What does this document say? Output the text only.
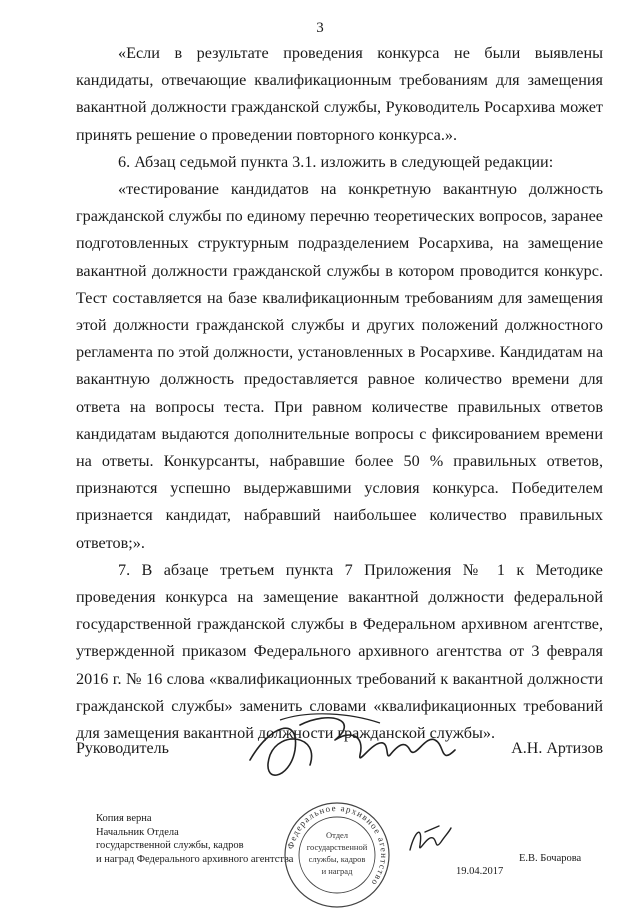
3

«Если в результате проведения конкурса не были выявлены кандидаты, отвечающие квалификационным требованиям для замещения вакантной должности гражданской службы, Руководитель Росархива может принять решение о проведении повторного конкурса.».

6. Абзац седьмой пункта 3.1. изложить в следующей редакции:

«тестирование кандидатов на конкретную вакантную должность гражданской службы по единому перечню теоретических вопросов, заранее подготовленных структурным подразделением Росархива, на замещение вакантной должности гражданской службы в котором проводится конкурс. Тест составляется на базе квалификационным требованиям для замещения этой должности гражданской службы и других положений должностного регламента по этой должности, установленных в Росархиве. Кандидатам на вакантную должность предоставляется равное количество времени для ответа на вопросы теста. При равном количестве правильных ответов кандидатам выдаются дополнительные вопросы с фиксированием времени на ответы. Конкурсанты, набравшие более 50 % правильных ответов, признаются успешно выдержавшими условия конкурса. Победителем признается кандидат, набравший наибольшее количество правильных ответов;».

7. В абзаце третьем пункта 7 Приложения № 1 к Методике проведения конкурса на замещение вакантной должности федеральной государственной гражданской службы в Федеральном архивном агентстве, утвержденной приказом Федерального архивного агентства от 3 февраля 2016 г. № 16 слова «квалификационных требований к вакантной должности гражданской службы» заменить словами «квалификационных требований для замещения вакантной должности гражданской службы».

Руководитель	А.Н. Артизов
Копия верна
Начальник Отдела
государственной службы, кадров
и наград Федерального архивного агентства
Федеральное архивное агентство
Отдел
государственной
службы, кадров
и наград	19.04.2017
Е.В. Бочарова
